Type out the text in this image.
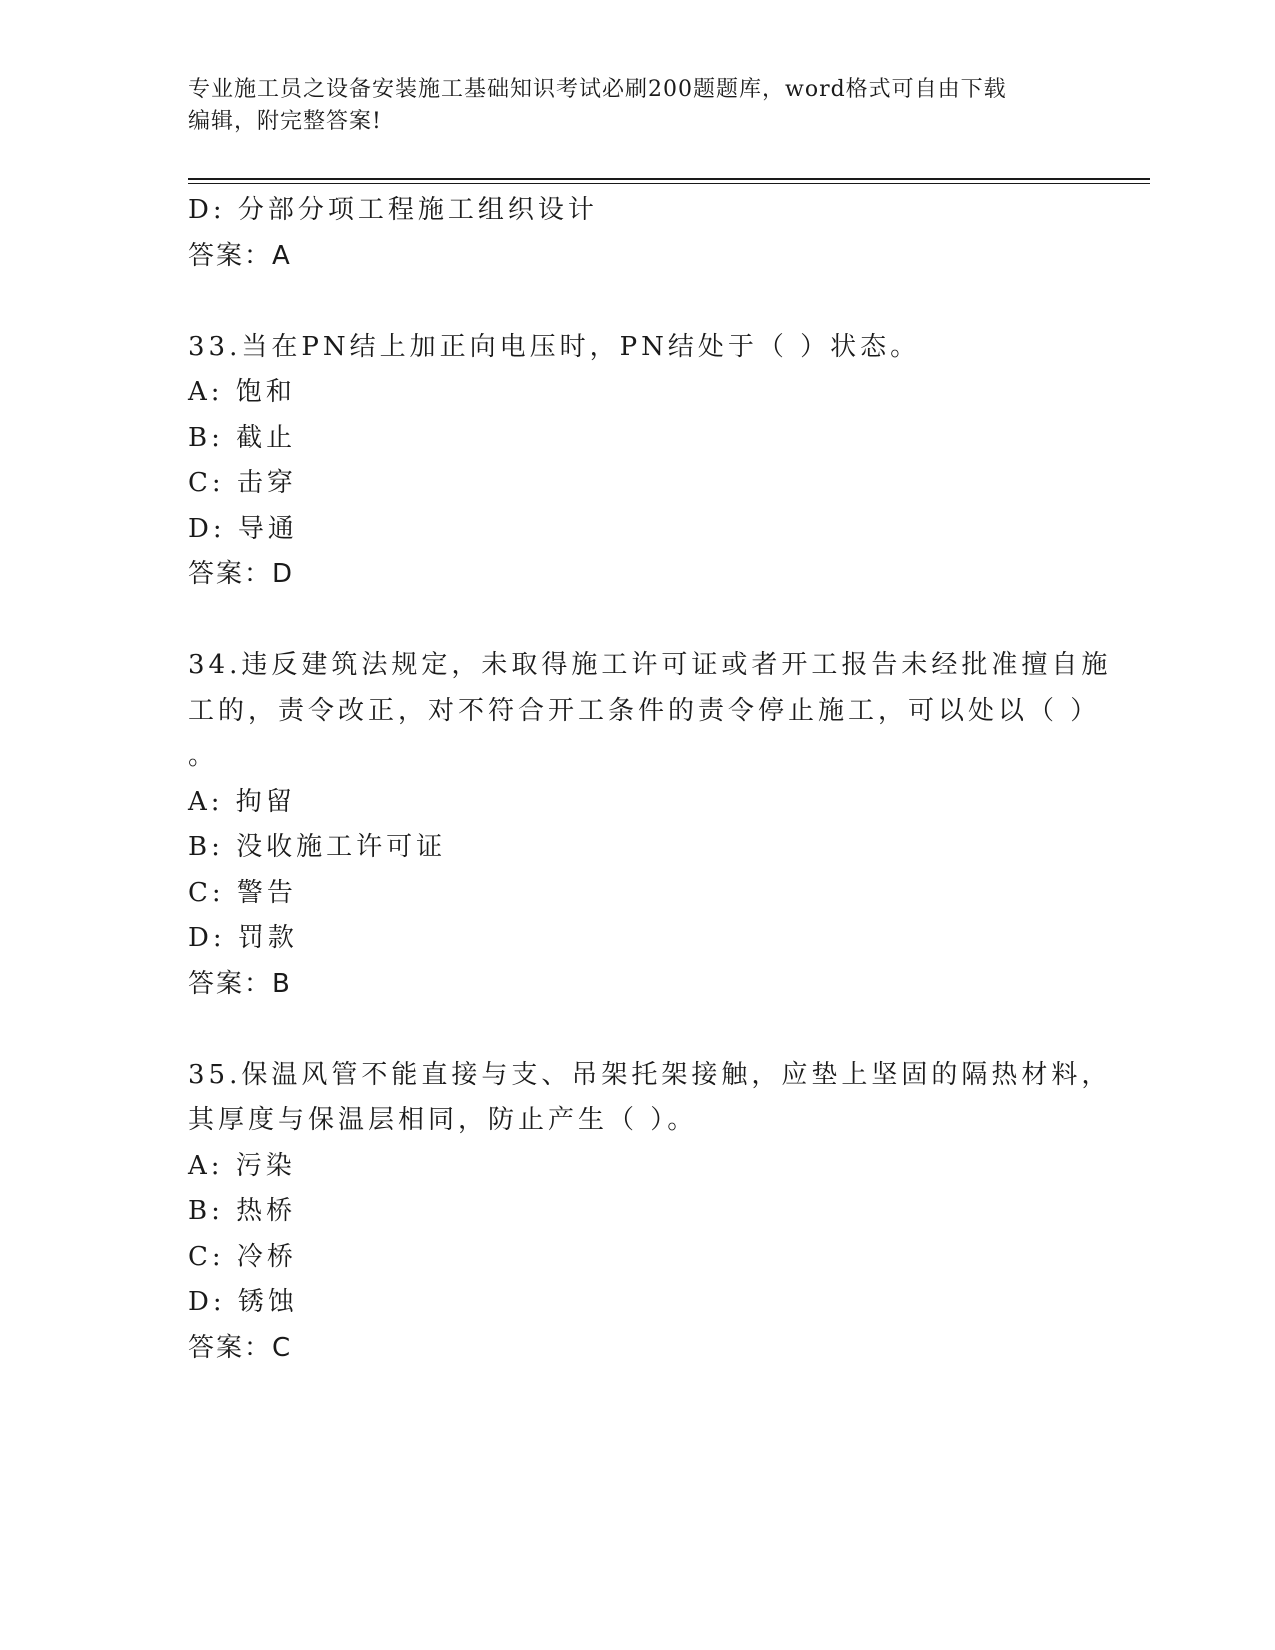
专业施工员之设备安装施工基础知识考试必刷200题题库，word格式可自由下载
编辑，附完整答案!
D: 分部分项工程施工组织设计
答案：A
33.当在PN结上加正向电压时，PN结处于（ ）状态。
A: 饱和
B: 截止
C: 击穿
D: 导通
答案：D
34.违反建筑法规定，未取得施工许可证或者开工报告未经批准擅自施
工的，责令改正，对不符合开工条件的责令停止施工，可以处以（ ）
。
A: 拘留
B: 没收施工许可证
C: 警告
D: 罚款
答案：B
35.保温风管不能直接与支、吊架托架接触，应垫上坚固的隔热材料，
其厚度与保温层相同，防止产生（ ）。
A: 污染
B: 热桥
C: 冷桥
D: 锈蚀
答案：C
